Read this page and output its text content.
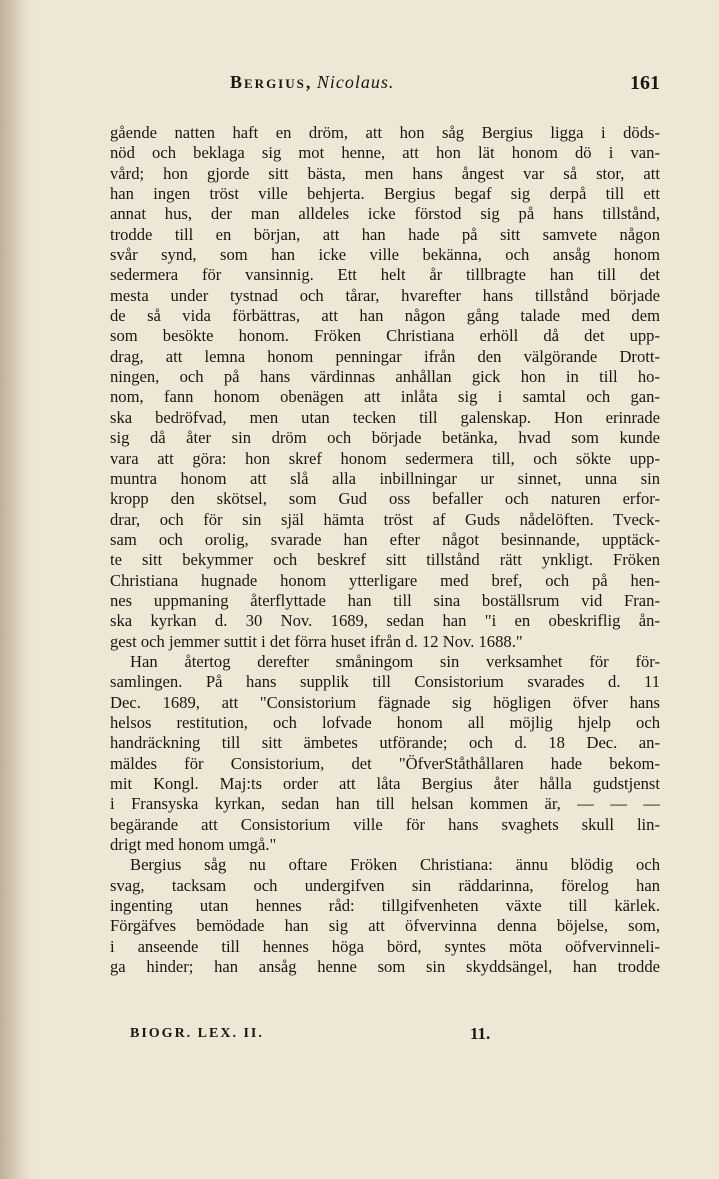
Bergius, Nicolaus.	161
gående natten haft en dröm, att hon såg Bergius ligga i döds-
nöd och beklaga sig mot henne, att hon lät honom dö i van-
vård; hon gjorde sitt bästa, men hans ångest var så stor, att
han ingen tröst ville behjerta. Bergius begaf sig derpå till ett
annat hus, der man alldeles icke förstod sig på hans tillstånd,
trodde till en början, att han hade på sitt samvete någon
svår synd, som han icke ville bekänna, och ansåg honom
sedermera för vansinnig. Ett helt år tillbragte han till det
mesta under tystnad och tårar, hvarefter hans tillstånd började
de så vida förbättras, att han någon gång talade med dem
som besökte honom. Fröken Christiana erhöll då det upp-
drag, att lemna honom penningar ifrån den välgörande Drott-
ningen, och på hans värdinnas anhållan gick hon in till ho-
nom, fann honom obenägen att inlåta sig i samtal och gan-
ska bedröfvad, men utan tecken till galenskap. Hon erinrade
sig då åter sin dröm och började betänka, hvad som kunde
vara att göra: hon skref honom sedermera till, och sökte upp-
muntra honom att slå alla inbillningar ur sinnet, unna sin
kropp den skötsel, som Gud oss befaller och naturen erfor-
drar, och för sin själ hämta tröst af Guds nådelöften. Tveck-
sam och orolig, svarade han efter något besinnande, upptäck-
te sitt bekymmer och beskref sitt tillstånd rätt ynkligt. Fröken
Christiana hugnade honom ytterligare med bref, och på hen-
nes uppmaning återflyttade han till sina boställsrum vid Fran-
ska kyrkan d. 30 Nov. 1689, sedan han "i en obeskriflig ån-
gest och jemmer suttit i det förra huset ifrån d. 12 Nov. 1688."
Han återtog derefter småningom sin verksamhet för för-
samlingen. På hans supplik till Consistorium svarades d. 11
Dec. 1689, att "Consistorium fägnade sig högligen öfver hans
helsos restitution, och lofvade honom all möjlig hjelp och
handräckning till sitt ämbetes utförande; och d. 18 Dec. an-
mäldes för Consistorium, det "ÖfverStåthållaren hade bekom-
mit Kongl. Maj:ts order att låta Bergius åter hålla gudstjenst
i Fransyska kyrkan, sedan han till helsan kommen är, — — —
begärande att Consistorium ville för hans svaghets skull lin-
drigt med honom umgå."
Bergius såg nu oftare Fröken Christiana: ännu blödig och
svag, tacksam och undergifven sin räddarinna, förelog han
ingenting utan hennes råd: tillgifvenheten växte till kärlek.
Förgäfves bemödade han sig att öfvervinna denna böjelse, som,
i anseende till hennes höga börd, syntes möta oöfvervinneli-
ga hinder; han ansåg henne som sin skyddsängel, han trodde
BIOGR. LEX. II.	11.
